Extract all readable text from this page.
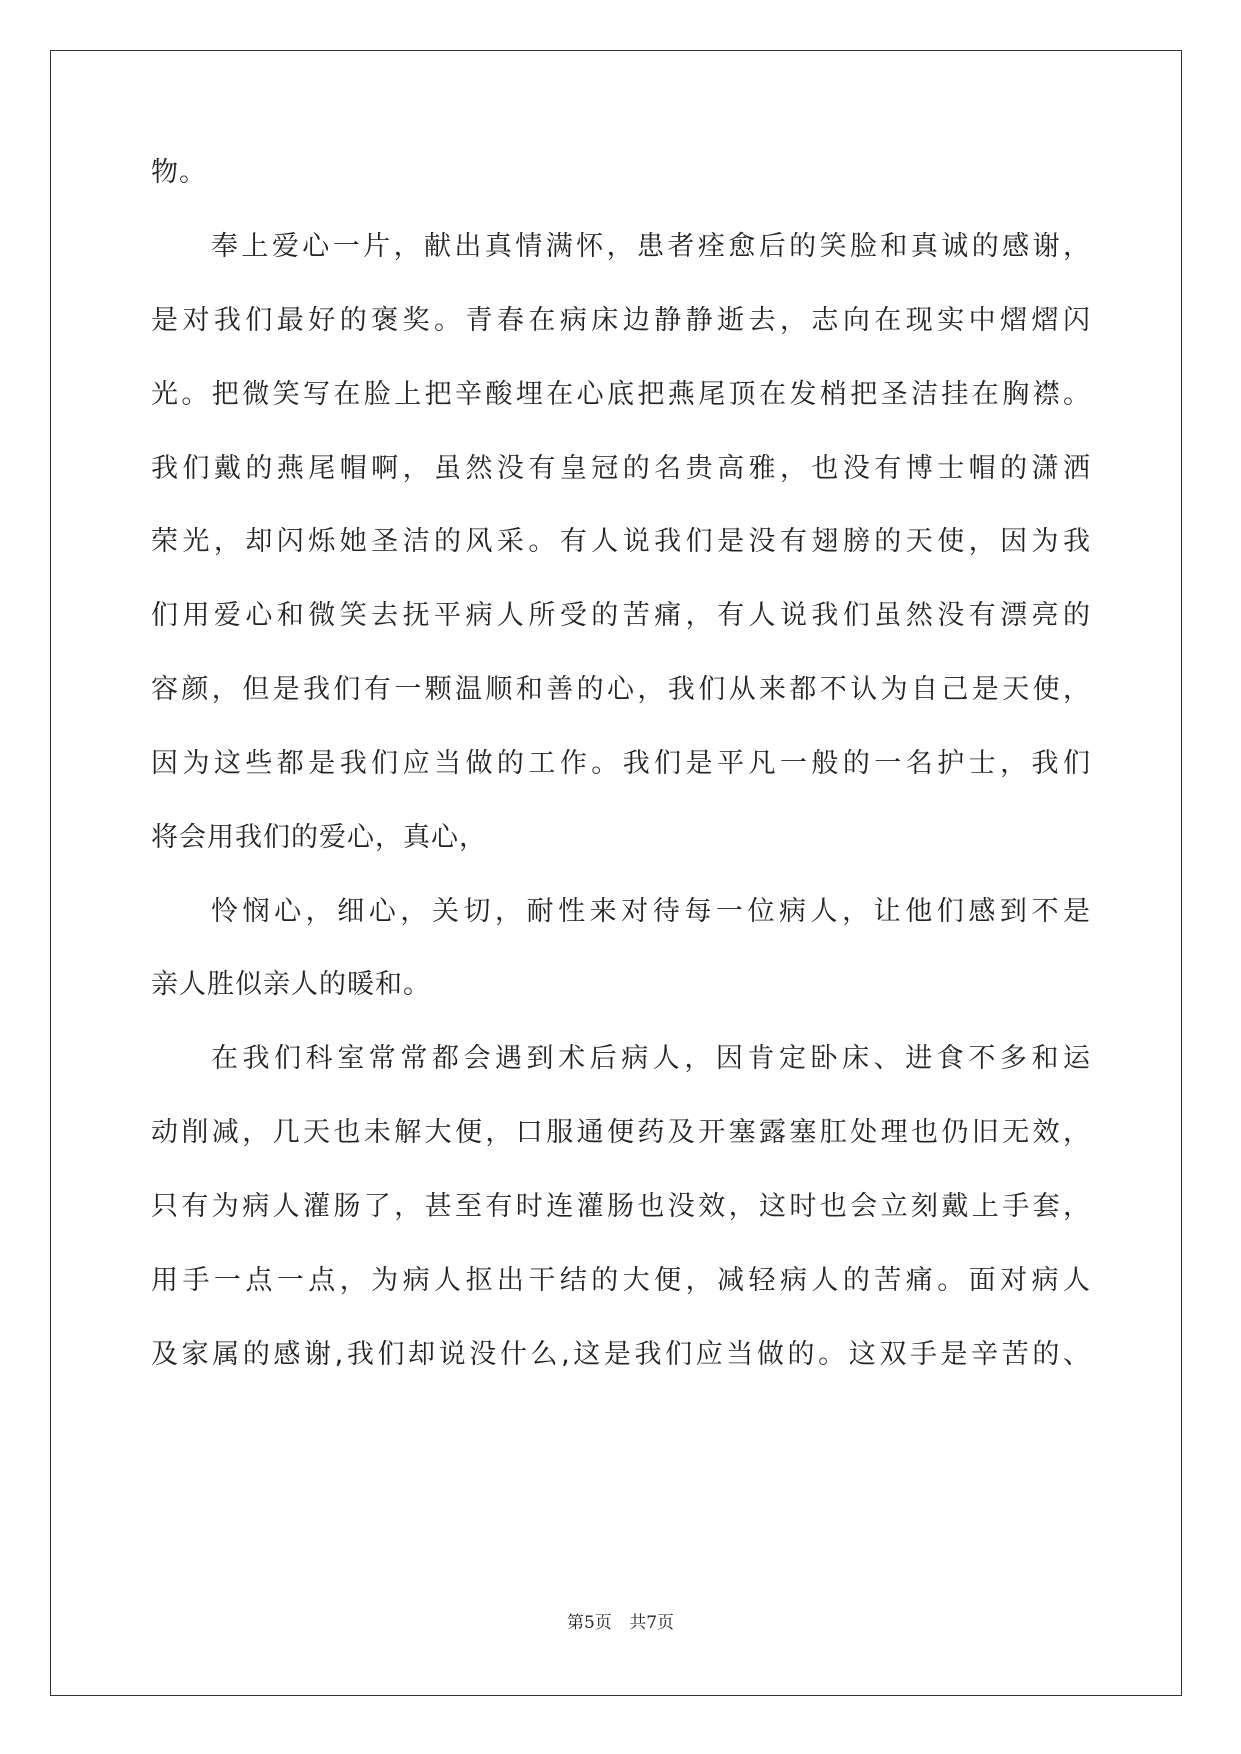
物。
奉上爱心一片，献出真情满怀，患者痊愈后的笑脸和真诚的感谢，
是对我们最好的褒奖。青春在病床边静静逝去，志向在现实中熠熠闪
光。把微笑写在脸上把辛酸埋在心底把燕尾顶在发梢把圣洁挂在胸襟。
我们戴的燕尾帽啊，虽然没有皇冠的名贵高雅，也没有博士帽的潇洒
荣光，却闪烁她圣洁的风采。有人说我们是没有翅膀的天使，因为我
们用爱心和微笑去抚平病人所受的苦痛，有人说我们虽然没有漂亮的
容颜，但是我们有一颗温顺和善的心，我们从来都不认为自己是天使，
因为这些都是我们应当做的工作。我们是平凡一般的一名护士，我们
将会用我们的爱心，真心，
怜悯心，细心，关切，耐性来对待每一位病人，让他们感到不是
亲人胜似亲人的暖和。
在我们科室常常都会遇到术后病人，因肯定卧床、进食不多和运
动削减，几天也未解大便，口服通便药及开塞露塞肛处理也仍旧无效，
只有为病人灌肠了，甚至有时连灌肠也没效，这时也会立刻戴上手套，
用手一点一点，为病人抠出干结的大便，减轻病人的苦痛。面对病人
及家属的感谢,我们却说没什么,这是我们应当做的。这双手是辛苦的、
第5页 共7页
